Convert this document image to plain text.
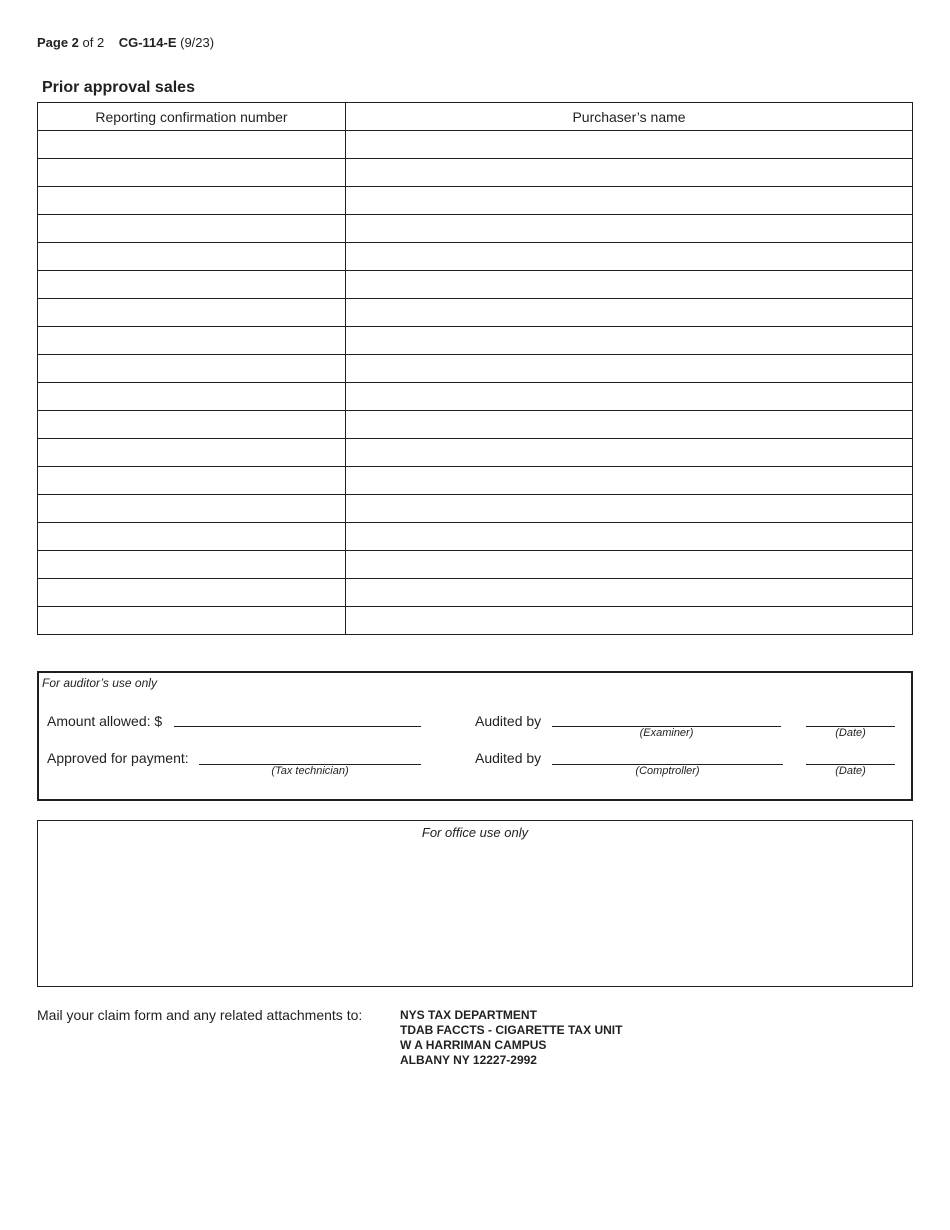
Page 2 of 2 CG-114-E (9/23)
Prior approval sales
Reporting confirmation number	Purchaser’s name

For auditor’s use only
Amount allowed: $
Approved for payment:
(Tax technician)
Audited by
(Examiner)	(Date)
Audited by
(Comptroller)	(Date)
For office use only
Mail your claim form and any related attachments to:	NYS TAX DEPARTMENT
TDAB FACCTS - CIGARETTE TAX UNIT
W A HARRIMAN CAMPUS
ALBANY NY 12227-2992
